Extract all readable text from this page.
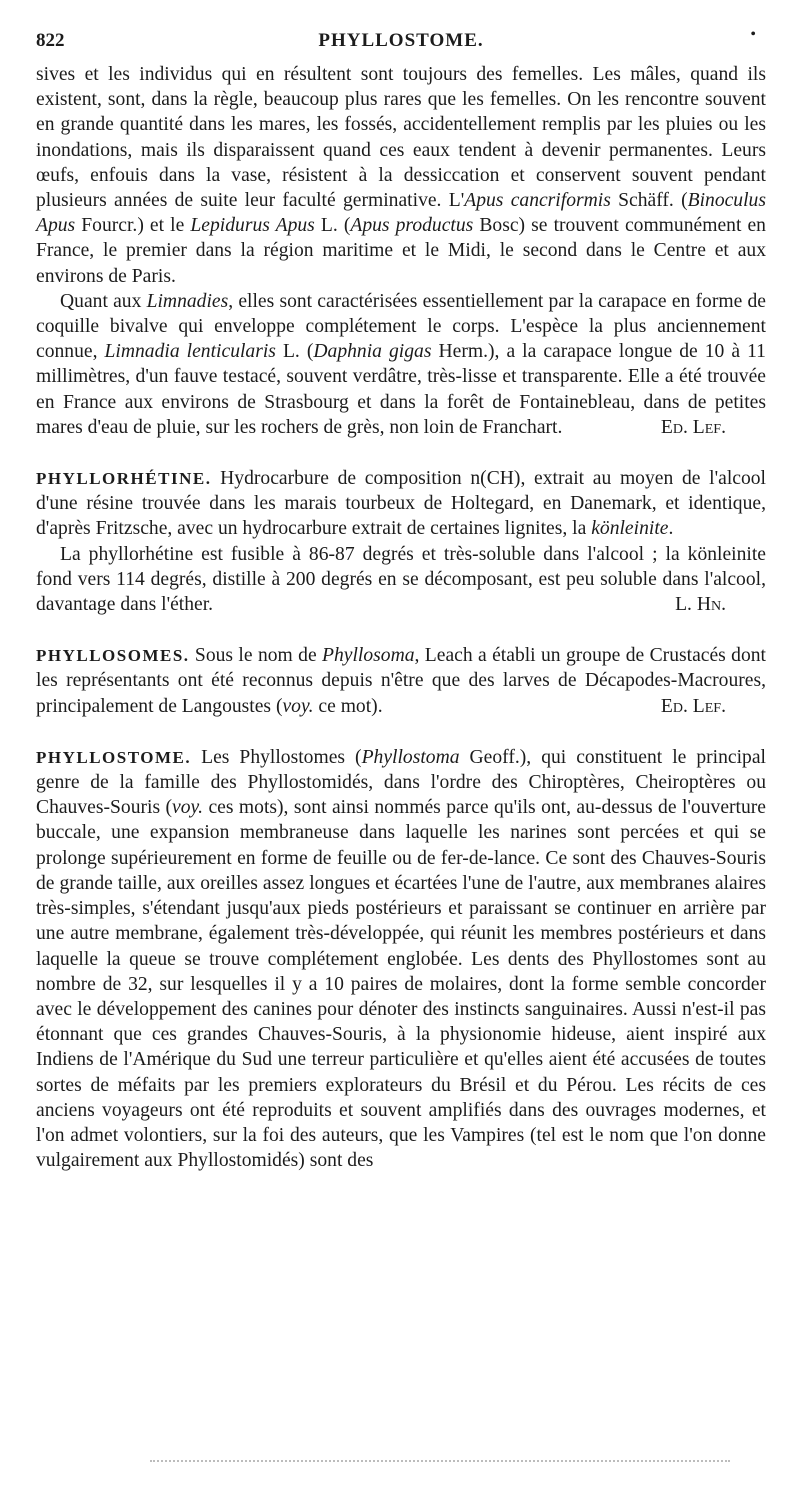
822	PHYLLOSTOME.	•

sives et les individus qui en résultent sont toujours des femelles. Les mâles, quand ils existent, sont, dans la règle, beaucoup plus rares que les femelles. On les rencontre souvent en grande quantité dans les mares, les fossés, accidentellement remplis par les pluies ou les inondations, mais ils disparaissent quand ces eaux tendent à devenir permanentes. Leurs œufs, enfouis dans la vase, résistent à la dessiccation et conservent souvent pendant plusieurs années de suite leur faculté germinative. L'Apus cancriformis Schäff. (Binoculus Apus Fourcr.) et le Lepidurus Apus L. (Apus productus Bosc) se trouvent communément en France, le premier dans la région maritime et le Midi, le second dans le Centre et aux environs de Paris.

Quant aux Limnadies, elles sont caractérisées essentiellement par la carapace en forme de coquille bivalve qui enveloppe complétement le corps. L'espèce la plus anciennement connue, Limnadia lenticularis L. (Daphnia gigas Herm.), a la carapace longue de 10 à 11 millimètres, d'un fauve testacé, souvent verdâtre, très-lisse et transparente. Elle a été trouvée en France aux environs de Strasbourg et dans la forêt de Fontainebleau, dans de petites mares d'eau de pluie, sur les rochers de grès, non loin de Franchart.	Ed. Lef.

PHYLLORHÉTINE. Hydrocarbure de composition n(CH), extrait au moyen de l'alcool d'une résine trouvée dans les marais tourbeux de Holtegard, en Danemark, et identique, d'après Fritzsche, avec un hydrocarbure extrait de certaines lignites, la könleinite.

La phyllorhétine est fusible à 86-87 degrés et très-soluble dans l'alcool ; la könleinite fond vers 114 degrés, distille à 200 degrés en se décomposant, est peu soluble dans l'alcool, davantage dans l'éther.	L. Hn.

PHYLLOSOMES. Sous le nom de Phyllosoma, Leach a établi un groupe de Crustacés dont les représentants ont été reconnus depuis n'être que des larves de Décapodes-Macroures, principalement de Langoustes (voy. ce mot).	Ed. Lef.

PHYLLOSTOME. Les Phyllostomes (Phyllostoma Geoff.), qui constituent le principal genre de la famille des Phyllostomidés, dans l'ordre des Chiroptères, Cheiroptères ou Chauves-Souris (voy. ces mots), sont ainsi nommés parce qu'ils ont, au-dessus de l'ouverture buccale, une expansion membraneuse dans laquelle les narines sont percées et qui se prolonge supérieurement en forme de feuille ou de fer-de-lance. Ce sont des Chauves-Souris de grande taille, aux oreilles assez longues et écartées l'une de l'autre, aux membranes alaires très-simples, s'étendant jusqu'aux pieds postérieurs et paraissant se continuer en arrière par une autre membrane, également très-développée, qui réunit les membres postérieurs et dans laquelle la queue se trouve complétement englobée. Les dents des Phyllostomes sont au nombre de 32, sur lesquelles il y a 10 paires de molaires, dont la forme semble concorder avec le développement des canines pour dénoter des instincts sanguinaires. Aussi n'est-il pas étonnant que ces grandes Chauves-Souris, à la physionomie hideuse, aient inspiré aux Indiens de l'Amérique du Sud une terreur particulière et qu'elles aient été accusées de toutes sortes de méfaits par les premiers explorateurs du Brésil et du Pérou. Les récits de ces anciens voyageurs ont été reproduits et souvent amplifiés dans des ouvrages modernes, et l'on admet volontiers, sur la foi des auteurs, que les Vampires (tel est le nom que l'on donne vulgairement aux Phyllostomidés) sont des
